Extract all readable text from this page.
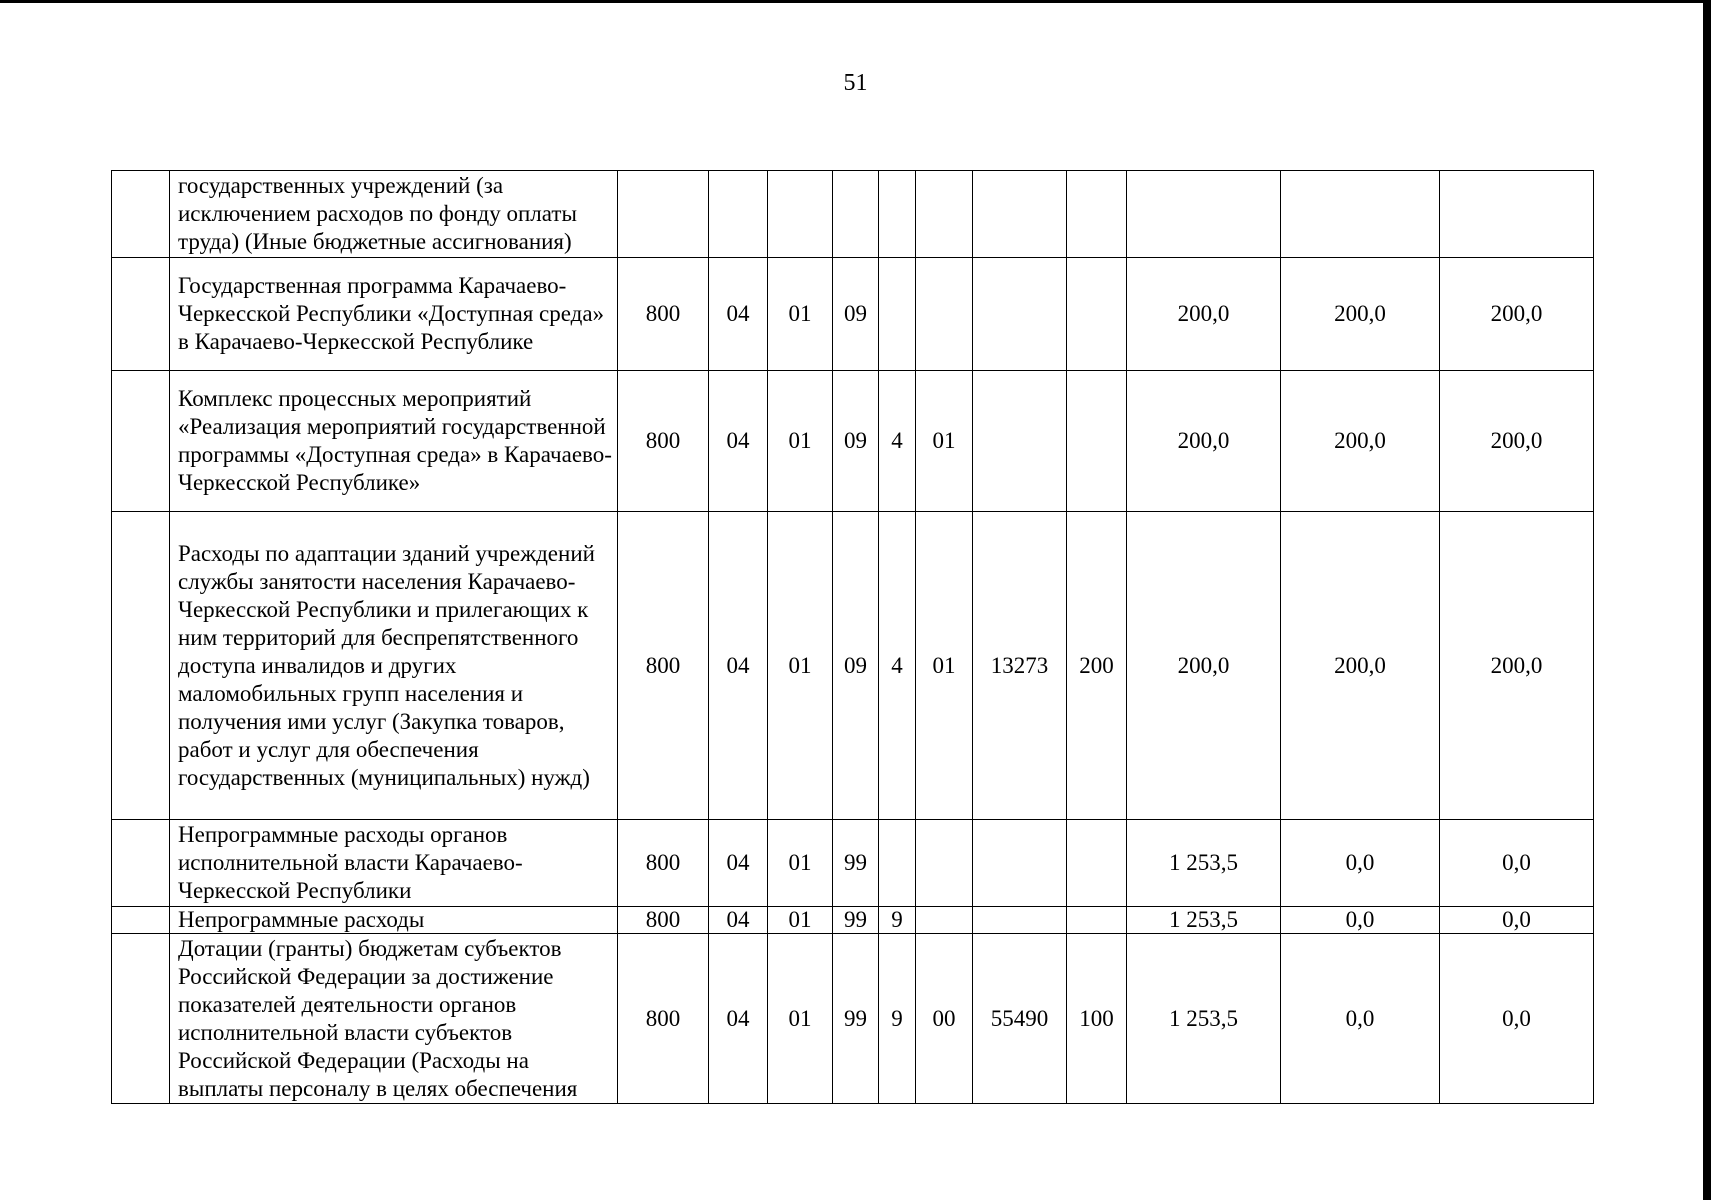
51
	государственных учреждений (за исключением расходов по фонду оплаты труда) (Иные бюджетные ассигнования)											
	Государственная программа Карачаево-Черкесской Республики «Доступная среда» в Карачаево-Черкесской Республике	800	04	01	09					200,0	200,0	200,0
	Комплекс процессных мероприятий «Реализация мероприятий государственной программы «Доступная среда» в Карачаево-Черкесской Республике»	800	04	01	09	4	01			200,0	200,0	200,0
	Расходы по адаптации зданий учреждений службы занятости населения Карачаево-Черкесской Республики и прилегающих к ним территорий для беспрепятственного доступа инвалидов и других маломобильных групп населения и получения ими услуг (Закупка товаров, работ и услуг для обеспечения государственных (муниципальных) нужд)	800	04	01	09	4	01	13273	200	200,0	200,0	200,0
	Непрограммные расходы органов исполнительной власти Карачаево-Черкесской Республики	800	04	01	99					1 253,5	0,0	0,0
	Непрограммные расходы	800	04	01	99	9				1 253,5	0,0	0,0
	Дотации (гранты) бюджетам субъектов Российской Федерации за достижение показателей деятельности органов исполнительной власти субъектов Российской Федерации (Расходы на выплаты персоналу в целях обеспечения	800	04	01	99	9	00	55490	100	1 253,5	0,0	0,0
